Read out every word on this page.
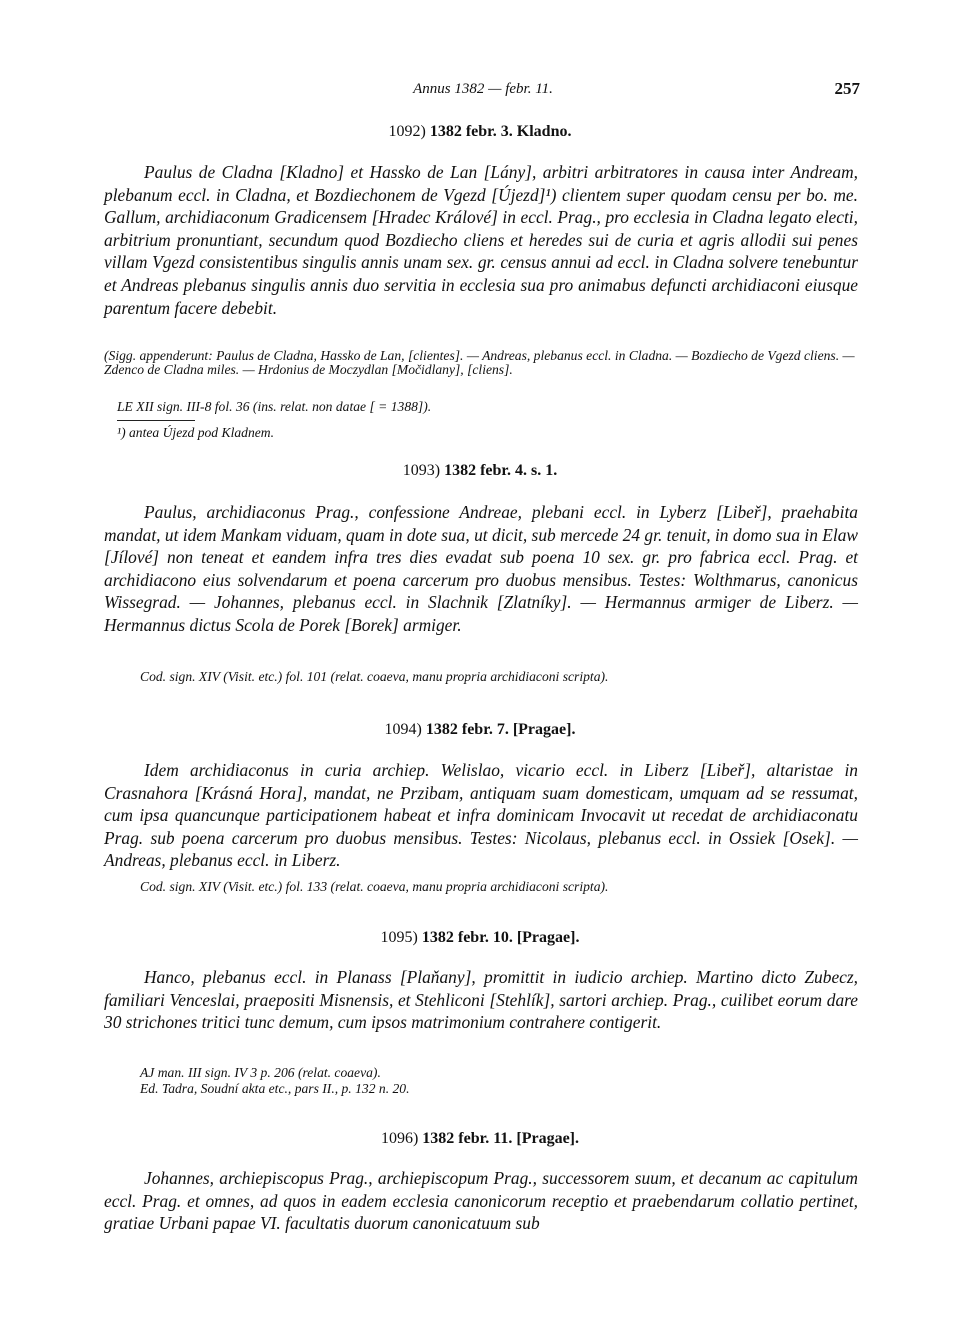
Annus 1382 — febr. 11.	257
1092) 1382 febr. 3. Kladno.

Paulus de Cladna [Kladno] et Hassko de Lan [Lány], arbitri arbitratores in causa inter Andream, plebanum eccl. in Cladna, et Bozdiechonem de Vgezd [Újezd]¹) clientem super quodam censu per bo. me. Gallum, archidiaconum Gradicensem [Hradec Králové] in eccl. Prag., pro ecclesia in Cladna legato electi, arbitrium pronuntiant, secundum quod Bozdiecho cliens et heredes sui de curia et agris allodii sui penes villam Vgezd consistentibus singulis annis unam sex. gr. census annui ad eccl. in Cladna solvere tenebuntur et Andreas plebanus singulis annis duo servitia in ecclesia sua pro animabus defuncti archidiaconi eiusque parentum facere debebit.

(Sigg. appenderunt: Paulus de Cladna, Hassko de Lan, [clientes]. — Andreas, plebanus eccl. in Cladna. — Bozdiecho de Vgezd cliens. — Zdenco de Cladna miles. — Hrdonius de Moczydlan [Močidlany], [cliens].

LE XII sign. III-8 fol. 36 (ins. relat. non datae [ = 1388]).

¹) antea Újezd pod Kladnem.
1093) 1382 febr. 4. s. 1.

Paulus, archidiaconus Prag., confessione Andreae, plebani eccl. in Lyberz [Libeř], praehabita mandat, ut idem Mankam viduam, quam in dote sua, ut dicit, sub mercede 24 gr. tenuit, in domo sua in Elaw [Jílové] non teneat et eandem infra tres dies evadat sub poena 10 sex. gr. pro fabrica eccl. Prag. et archidiacono eius solvendarum et poena carcerum pro duobus mensibus. Testes: Wolthmarus, canonicus Wissegrad. — Johannes, plebanus eccl. in Slachnik [Zlatníky]. — Hermannus armiger de Liberz. — Hermannus dictus Scola de Porek [Borek] armiger.

Cod. sign. XIV (Visit. etc.) fol. 101 (relat. coaeva, manu propria archidiaconi scripta).

1094) 1382 febr. 7. [Pragae].

Idem archidiaconus in curia archiep. Welislao, vicario eccl. in Liberz [Libeř], altaristae in Crasnahora [Krásná Hora], mandat, ne Przibam, antiquam suam domesticam, umquam ad se ressumat, cum ipsa quancunque participationem habeat et infra dominicam Invocavit ut recedat de archidiaconatu Prag. sub poena carcerum pro duobus mensibus. Testes: Nicolaus, plebanus eccl. in Ossiek [Osek]. — Andreas, plebanus eccl. in Liberz.

Cod. sign. XIV (Visit. etc.) fol. 133 (relat. coaeva, manu propria archidiaconi scripta).

1095) 1382 febr. 10. [Pragae].

Hanco, plebanus eccl. in Planass [Plaňany], promittit in iudicio archiep. Martino dicto Zubecz, familiari Venceslai, praepositi Misnensis, et Stehliconi [Stehlík], sartori archiep. Prag., cuilibet eorum dare 30 strichones tritici tunc demum, cum ipsos matrimonium contrahere contigerit.

AJ man. III sign. IV 3 p. 206 (relat. coaeva).

Ed. Tadra, Soudní akta etc., pars II., p. 132 n. 20.

1096) 1382 febr. 11. [Pragae].

Johannes, archiepiscopus Prag., archiepiscopum Prag., successorem suum, et decanum ac capitulum eccl. Prag. et omnes, ad quos in eadem ecclesia canonicorum receptio et praebendarum collatio pertinet, gratiae Urbani papae VI. facultatis duorum canonicatuum sub
